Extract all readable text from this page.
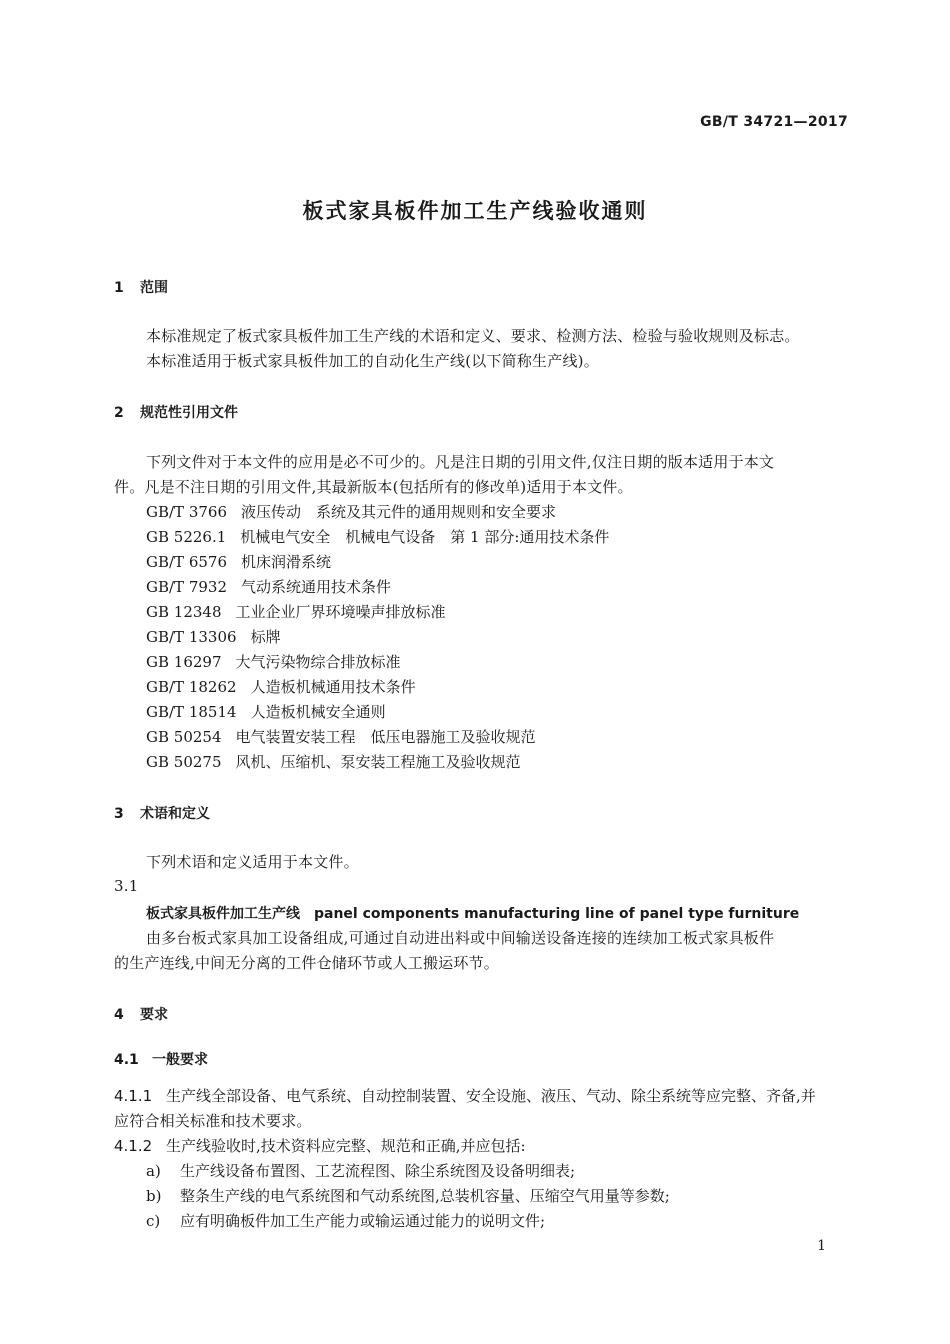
GB/T 34721—2017
板式家具板件加工生产线验收通则
1 范围
本标准规定了板式家具板件加工生产线的术语和定义、要求、检测方法、检验与验收规则及标志。
本标准适用于板式家具板件加工的自动化生产线(以下简称生产线)。
2 规范性引用文件
下列文件对于本文件的应用是必不可少的。凡是注日期的引用文件,仅注日期的版本适用于本文
件。凡是不注日期的引用文件,其最新版本(包括所有的修改单)适用于本文件。
GB/T 3766 液压传动　系统及其元件的通用规则和安全要求
GB 5226.1 机械电气安全　机械电气设备　第 1 部分:通用技术条件
GB/T 6576 机床润滑系统
GB/T 7932 气动系统通用技术条件
GB 12348 工业企业厂界环境噪声排放标准
GB/T 13306 标牌
GB 16297 大气污染物综合排放标准
GB/T 18262 人造板机械通用技术条件
GB/T 18514 人造板机械安全通则
GB 50254 电气装置安装工程　低压电器施工及验收规范
GB 50275 风机、压缩机、泵安装工程施工及验收规范
3 术语和定义
下列术语和定义适用于本文件。
3.1
板式家具板件加工生产线　panel components manufacturing line of panel type furniture
由多台板式家具加工设备组成,可通过自动进出料或中间输送设备连接的连续加工板式家具板件
的生产连线,中间无分离的工件仓储环节或人工搬运环节。
4 要求
4.1 一般要求
4.1.1 生产线全部设备、电气系统、自动控制装置、安全设施、液压、气动、除尘系统等应完整、齐备,并
应符合相关标准和技术要求。
4.1.2 生产线验收时,技术资料应完整、规范和正确,并应包括:
a) 生产线设备布置图、工艺流程图、除尘系统图及设备明细表;
b) 整条生产线的电气系统图和气动系统图,总装机容量、压缩空气用量等参数;
c) 应有明确板件加工生产能力或输运通过能力的说明文件;
1
